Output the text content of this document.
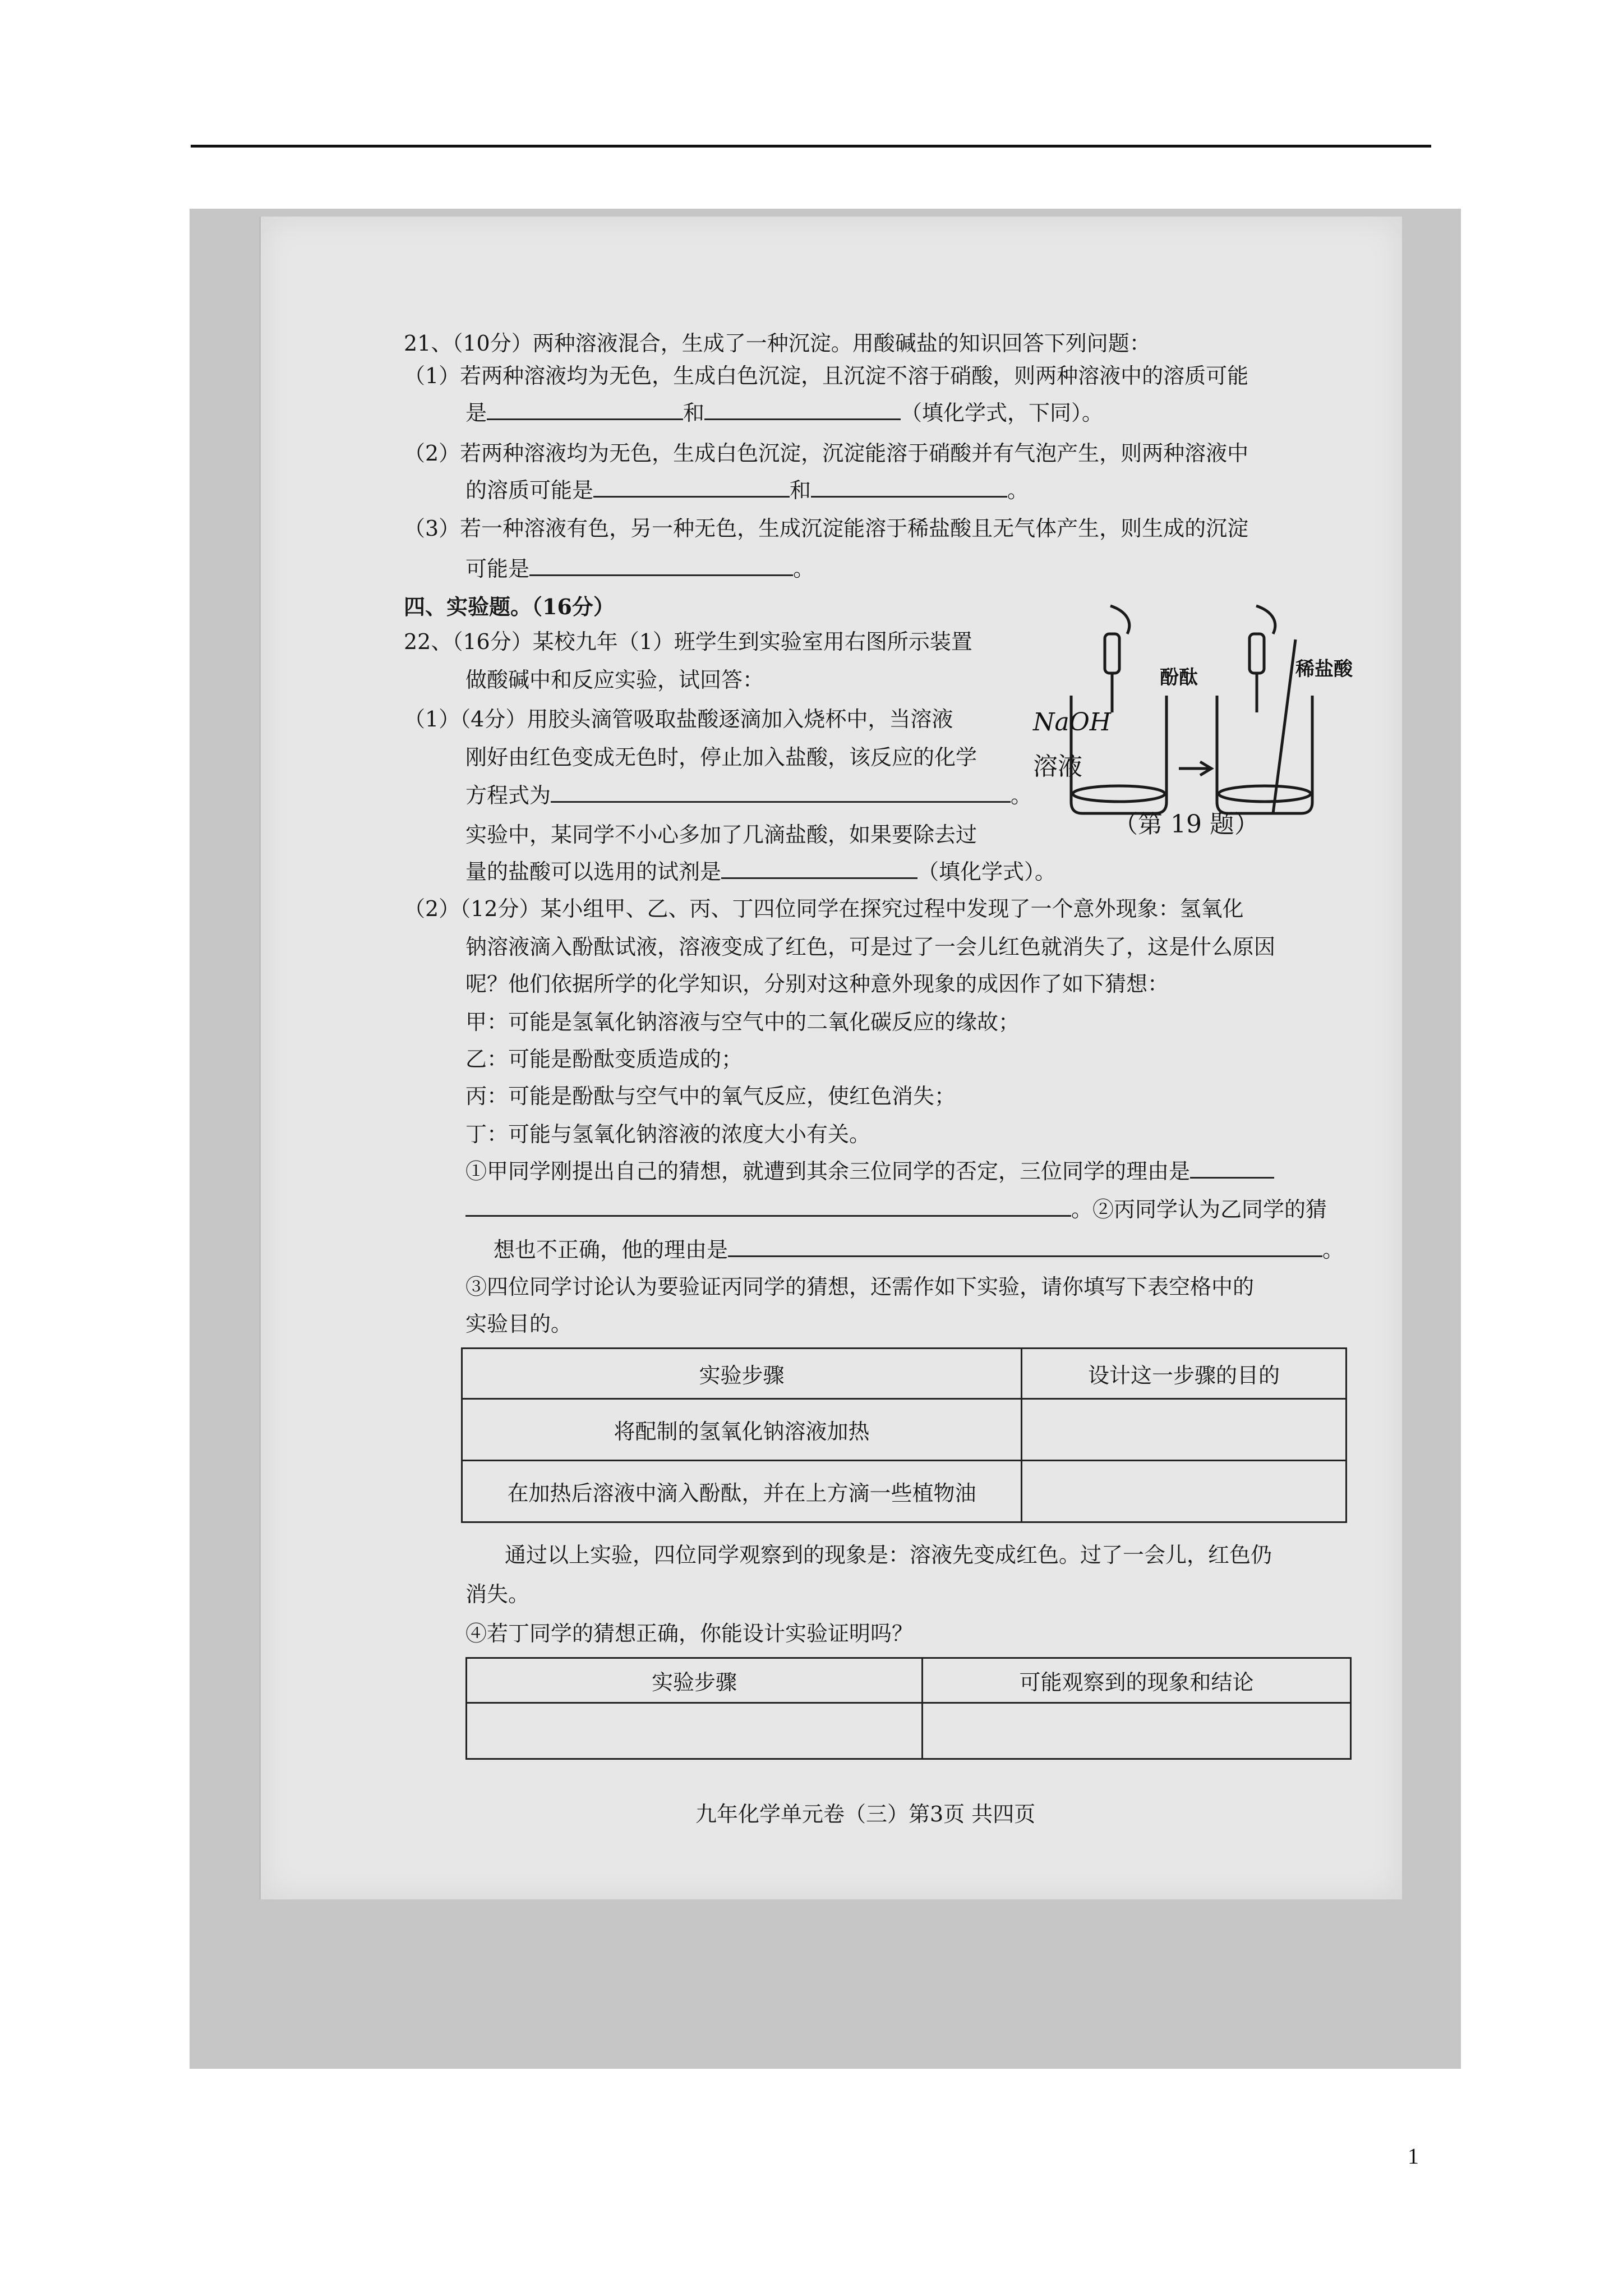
21、（10分）两种溶液混合，生成了一种沉淀。用酸碱盐的知识回答下列问题：
（1）若两种溶液均为无色，生成白色沉淀，且沉淀不溶于硝酸，则两种溶液中的溶质可能
是	和	（填化学式，下同）。
（2）若两种溶液均为无色，生成白色沉淀，沉淀能溶于硝酸并有气泡产生，则两种溶液中
的溶质可能是	和	。
（3）若一种溶液有色，另一种无色，生成沉淀能溶于稀盐酸且无气体产生，则生成的沉淀
可能是	。
四、实验题。（16分）
22、（16分）某校九年（1）班学生到实验室用右图所示装置
做酸碱中和反应实验，试回答：
（1）（4分）用胶头滴管吸取盐酸逐滴加入烧杯中，当溶液
刚好由红色变成无色时，停止加入盐酸，该反应的化学
方程式为	。
实验中，某同学不小心多加了几滴盐酸，如果要除去过
量的盐酸可以选用的试剂是	（填化学式）。
酚酞	稀盐酸
NaOH
溶液
（第 19 题）
（2）（12分）某小组甲、乙、丙、丁四位同学在探究过程中发现了一个意外现象：氢氧化
钠溶液滴入酚酞试液，溶液变成了红色，可是过了一会儿红色就消失了，这是什么原因
呢？他们依据所学的化学知识，分别对这种意外现象的成因作了如下猜想：
甲：可能是氢氧化钠溶液与空气中的二氧化碳反应的缘故；
乙：可能是酚酞变质造成的；
丙：可能是酚酞与空气中的氧气反应，使红色消失；
丁：可能与氢氧化钠溶液的浓度大小有关。
①甲同学刚提出自己的猜想，就遭到其余三位同学的否定，三位同学的理由是
。②丙同学认为乙同学的猜
想也不正确，他的理由是	。
③四位同学讨论认为要验证丙同学的猜想，还需作如下实验，请你填写下表空格中的
实验目的。
实验步骤	设计这一步骤的目的
将配制的氢氧化钠溶液加热	
在加热后溶液中滴入酚酞，并在上方滴一些植物油	
通过以上实验，四位同学观察到的现象是：溶液先变成红色。过了一会儿，红色仍
消失。
④若丁同学的猜想正确，你能设计实验证明吗？
实验步骤	可能观察到的现象和结论

九年化学单元卷（三）第3页 共四页
1
